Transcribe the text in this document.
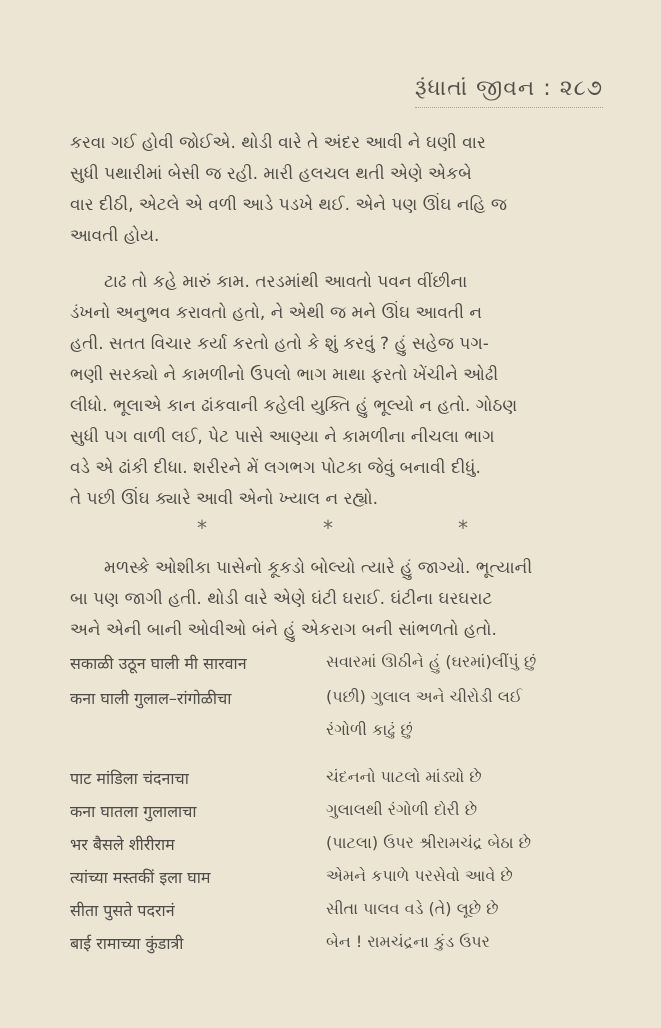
રૂંધાતાં જીવન : ૨૮૭

કરવા ગઈ હોવી જોઈએ. થોડી વારે તે અંદર આવી ને ઘણી વાર
સુધી પથારીમાં બેસી જ રહી. મારી હલચલ થતી એણે એકબે
વાર દીઠી, એટલે એ વળી આડે પડખે થઈ. એને પણ ઊંઘ નહિ જ
આવતી હોય.

ટાઢ તો કહે મારું કામ. તરડમાંથી આવતો પવન વીંછીના
ડંખનો અનુભવ કરાવતો હતો, ને એથી જ મને ઊંઘ આવતી ન
હતી. સતત વિચાર કર્યા કરતો હતો કે શું કરવું ? હું સહેજ પગ-
ભણી સરક્યો ને કામળીનો ઉપલો ભાગ માથા ફરતો ખેંચીને ઓઢી
લીધો. ભૂલાએ કાન ઢાંકવાની કહેલી યુક્તિ હું ભૂલ્યો ન હતો. ગોઠણ
સુધી પગ વાળી લઈ, પેટ પાસે આણ્યા ને કામળીના નીચલા ભાગ
વડે એ ઢાંકી દીધા. શરીરને મેં લગભગ પોટકા જેવું બનાવી દીધું.
તે પછી ઊંઘ ક્યારે આવી એનો ખ્યાલ ન રહ્યો.

*	*	*

મળસ્કે ઓશીકા પાસેનો કૂકડો બોલ્યો ત્યારે હું જાગ્યો. ભૂત્યાની
બા પણ જાગી હતી. થોડી વારે એણે ઘંટી ઘરાઈ. ઘંટીના ઘરઘરાટ
અને એની બાની ઓવીઓ બંને હું એકરાગ બની સાંભળતો હતો.

सकाळी उठून घाली मी सारवान	સવારમાં ઊઠીને હું (ઘરમાં)લીંપું છું
कना घाली गुलाल–रांगोळीचा	(પછી) ગુલાલ અને ચીરોડી લઈ
રંગોળી કાઢું છું
पाट मांडिला चंदनाचा	ચંદનનો પાટલો માંડ્યો છે
कना घातला गुलालाचा	ગુલાલથી રંગોળી દોરી છે
भर बैसले शीरीराम	(પાટલા) ઉપર શ્રીરામચંદ્ર બેઠા છે
त्यांच्या मस्तकीं इला घाम	એમને કપાળે પરસેવો આવે છે
सीता पुसते पदरानं	સીતા પાલવ વડે (તે) લૂછે છે
बाई रामाच्या कुंडात्री	બેન ! રામચંદ્રના કુંડ ઉપર
